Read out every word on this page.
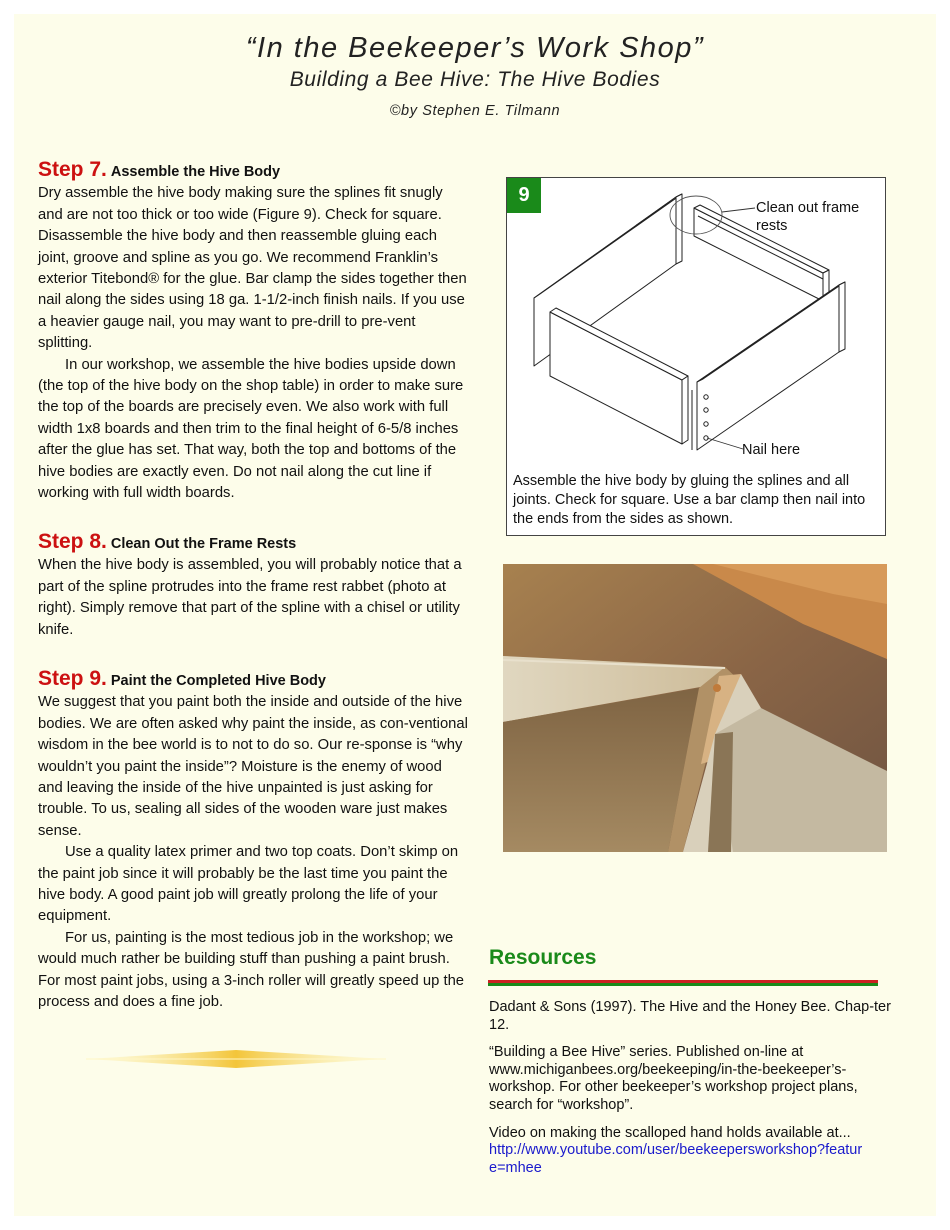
“In the Beekeeper’s Work Shop”
Building a Bee Hive: The Hive Bodies
©by Stephen E. Tilmann
Step 7. Assemble the Hive Body

Dry assemble the hive body making sure the splines fit snugly and are not too thick or too wide (Figure 9). Check for square. Disassemble the hive body and then reassemble gluing each joint, groove and spline as you go. We recommend Franklin’s exterior Titebond® for the glue. Bar clamp the sides together then nail along the sides using 18 ga. 1-1/2-inch finish nails. If you use a heavier gauge nail, you may want to pre-drill to pre-vent splitting.

In our workshop, we assemble the hive bodies upside down (the top of the hive body on the shop table) in order to make sure the top of the boards are precisely even. We also work with full width 1x8 boards and then trim to the final height of 6-5/8 inches after the glue has set. That way, both the top and bottoms of the hive bodies are exactly even. Do not nail along the cut line if working with full width boards.

Step 8. Clean Out the Frame Rests

When the hive body is assembled, you will probably notice that a part of the spline protrudes into the frame rest rabbet (photo at right). Simply remove that part of the spline with a chisel or utility knife.

Step 9. Paint the Completed Hive Body

We suggest that you paint both the inside and outside of the hive bodies. We are often asked why paint the inside, as con-ventional wisdom in the bee world is to not to do so. Our re-sponse is “why wouldn’t you paint the inside”? Moisture is the enemy of wood and leaving the inside of the hive unpainted is just asking for trouble. To us, sealing all sides of the wooden ware just makes sense.

Use a quality latex primer and two top coats. Don’t skimp on the paint job since it will probably be the last time you paint the hive body. A good paint job will greatly prolong the life of your equipment.

For us, painting is the most tedious job in the workshop; we would much rather be building stuff than pushing a paint brush. For most paint jobs, using a 3-inch roller will greatly speed up the process and does a fine job.

9
Clean out frame rests
Nail here
Assemble the hive body by gluing the splines and all joints. Check for square. Use a bar clamp then nail into the ends from the sides as shown.
Resources
Dadant & Sons (1997). The Hive and the Honey Bee. Chap-ter 12.
“Building a Bee Hive” series. Published on-line at www.michiganbees.org/beekeeping/in-the-beekeeper’s-workshop. For other beekeeper’s workshop project plans, search for “workshop”.
Video on making the scalloped hand holds available at...
http://www.youtube.com/user/beekeepersworkshop?feature=mhee
